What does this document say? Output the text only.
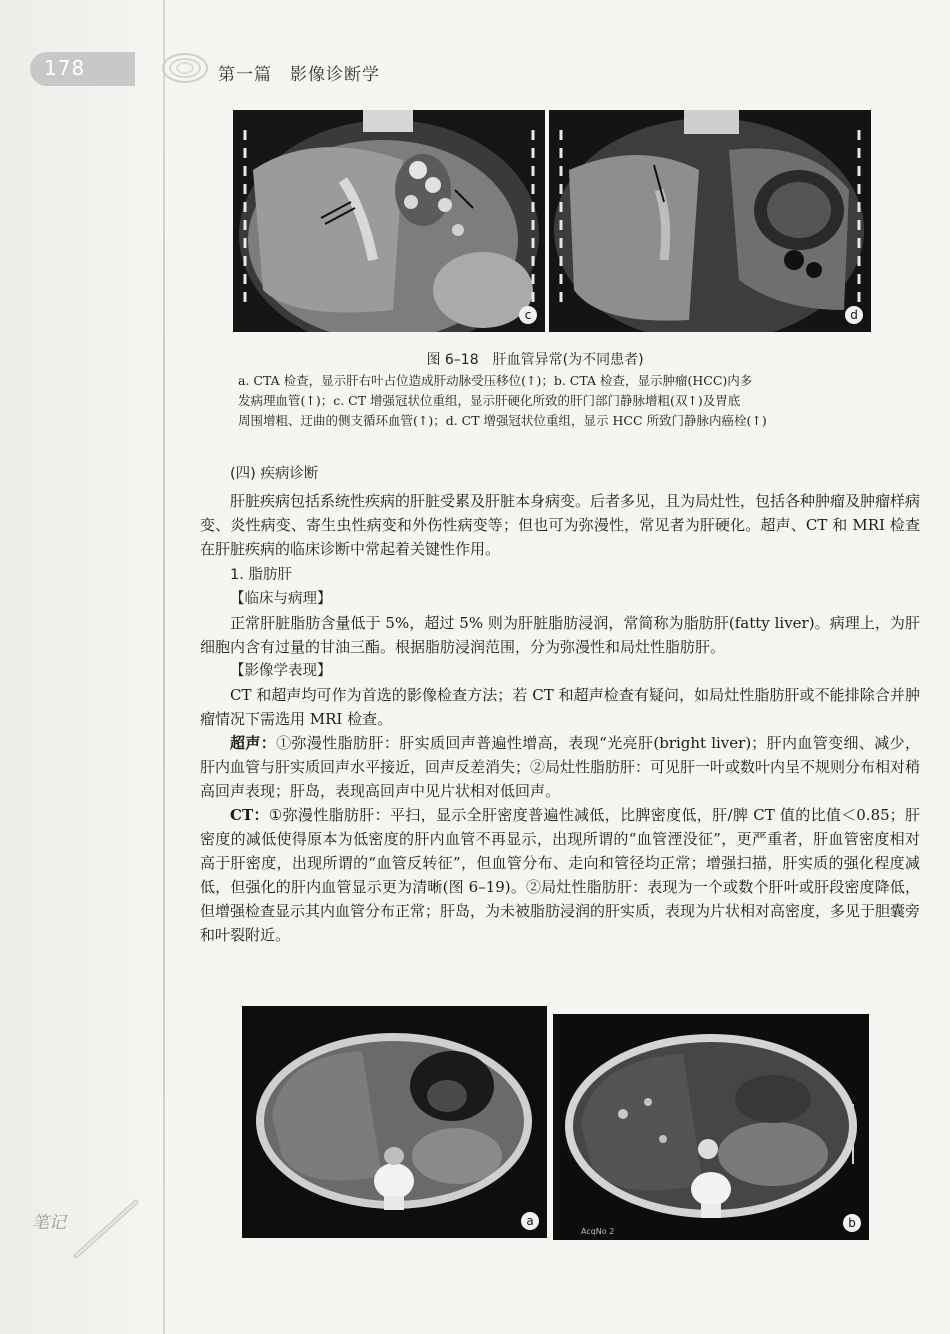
178	第一篇　影像诊断学
c	d
图 6–18　肝血管异常(为不同患者)

a. CTA 检查，显示肝右叶占位造成肝动脉受压移位(↑)；b. CTA 检查，显示肿瘤(HCC)内多

发病理血管(↑)；c. CT 增强冠状位重组，显示肝硬化所致的肝门部门静脉增粗(双↑)及胃底

周围增粗、迂曲的侧支循环血管(↑)；d. CT 增强冠状位重组，显示 HCC 所致门静脉内癌栓(↑)

(四) 疾病诊断

肝脏疾病包括系统性疾病的肝脏受累及肝脏本身病变。后者多见，且为局灶性，包括各种肿瘤及肿瘤样病变、炎性病变、寄生虫性病变和外伤性病变等；但也可为弥漫性，常见者为肝硬化。超声、CT 和 MRI 检查在肝脏疾病的临床诊断中常起着关键性作用。

1. 脂肪肝

【临床与病理】

正常肝脏脂肪含量低于 5%，超过 5% 则为肝脏脂肪浸润，常简称为脂肪肝(fatty liver)。病理上，为肝细胞内含有过量的甘油三酯。根据脂肪浸润范围，分为弥漫性和局灶性脂肪肝。

【影像学表现】

CT 和超声均可作为首选的影像检查方法；若 CT 和超声检查有疑问，如局灶性脂肪肝或不能排除合并肿瘤情况下需选用 MRI 检查。

超声：①弥漫性脂肪肝：肝实质回声普遍性增高，表现“光亮肝(bright liver)；肝内血管变细、减少，肝内血管与肝实质回声水平接近，回声反差消失；②局灶性脂肪肝：可见肝一叶或数叶内呈不规则分布相对稍高回声表现；肝岛，表现高回声中见片状相对低回声。

CT：①弥漫性脂肪肝：平扫，显示全肝密度普遍性减低，比脾密度低，肝/脾 CT 值的比值＜0.85；肝密度的减低使得原本为低密度的肝内血管不再显示，出现所谓的“血管湮没征”，更严重者，肝血管密度相对高于肝密度，出现所谓的“血管反转征”，但血管分布、走向和管径均正常；增强扫描，肝实质的强化程度减低，但强化的肝内血管显示更为清晰(图 6–19)。②局灶性脂肪肝：表现为一个或数个肝叶或肝段密度降低，但增强检查显示其内血管分布正常；肝岛，为未被脂肪浸润的肝实质，表现为片状相对高密度，多见于胆囊旁和叶裂附近。

a
AcqNo 2
b
笔记
